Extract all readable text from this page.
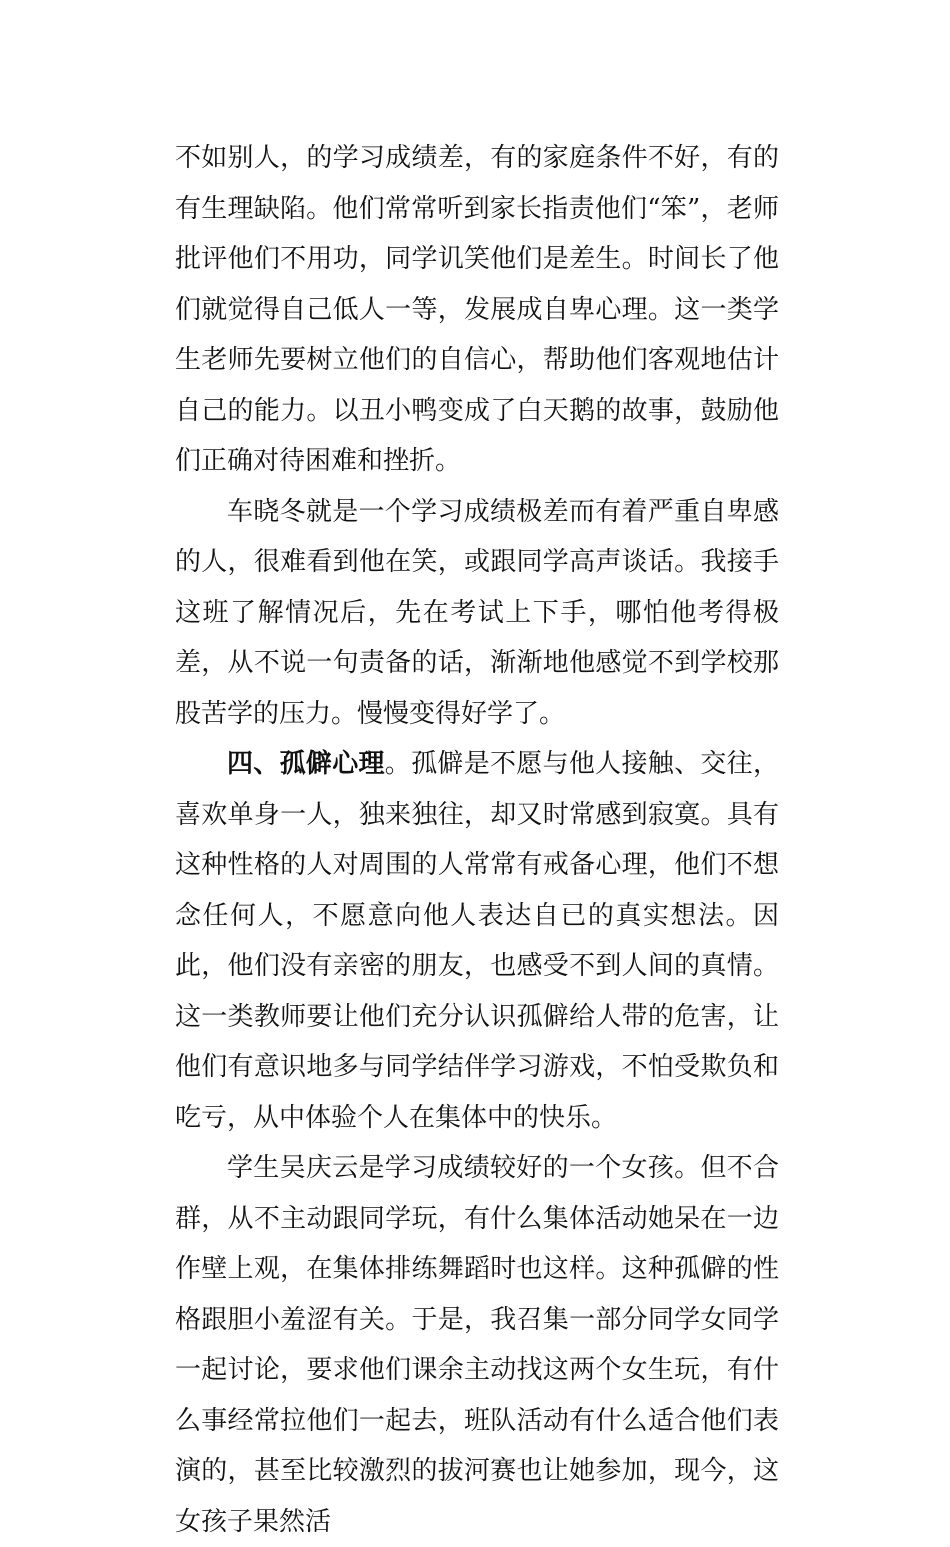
不如别人，的学习成绩差，有的家庭条件不好，有的有生理缺陷。他们常常听到家长指责他们“笨”，老师批评他们不用功，同学讥笑他们是差生。时间长了他们就觉得自己低人一等，发展成自卑心理。这一类学生老师先要树立他们的自信心，帮助他们客观地估计自己的能力。以丑小鸭变成了白天鹅的故事，鼓励他们正确对待困难和挫折。

车晓冬就是一个学习成绩极差而有着严重自卑感的人，很难看到他在笑，或跟同学高声谈话。我接手这班了解情况后，先在考试上下手，哪怕他考得极差，从不说一句责备的话，渐渐地他感觉不到学校那股苦学的压力。慢慢变得好学了。

四、孤僻心理。孤僻是不愿与他人接触、交往，喜欢单身一人，独来独往，却又时常感到寂寞。具有这种性格的人对周围的人常常有戒备心理，他们不想念任何人，不愿意向他人表达自已的真实想法。因此，他们没有亲密的朋友，也感受不到人间的真情。这一类教师要让他们充分认识孤僻给人带的危害，让他们有意识地多与同学结伴学习游戏，不怕受欺负和吃亏，从中体验个人在集体中的快乐。

学生吴庆云是学习成绩较好的一个女孩。但不合群，从不主动跟同学玩，有什么集体活动她呆在一边作壁上观，在集体排练舞蹈时也这样。这种孤僻的性格跟胆小羞涩有关。于是，我召集一部分同学女同学一起讨论，要求他们课余主动找这两个女生玩，有什么事经常拉他们一起去，班队活动有什么适合他们表演的，甚至比较激烈的拔河赛也让她参加，现今，这女孩子果然活
